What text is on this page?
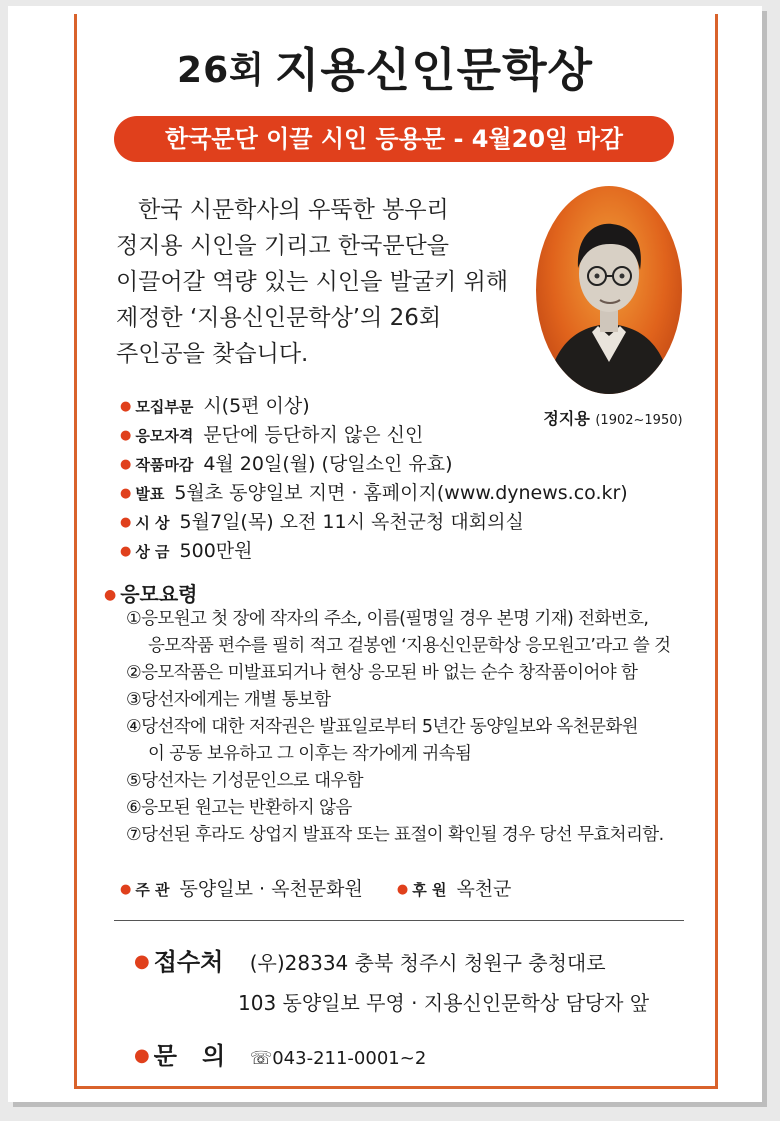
26회 지용신인문학상
한국문단 이끌 시인 등용문 - 4월20일 마감
한국 시문학사의 우뚝한 봉우리 정지용 시인을 기리고 한국문단을 이끌어갈 역량 있는 시인을 발굴키 위해 제정한 ‘지용신인문학상’의 26회 주인공을 찾습니다.
정지용 (1902~1950)
● 모집부문 시(5편 이상)
● 응모자격 문단에 등단하지 않은 신인
● 작품마감 4월 20일(월) (당일소인 유효)
● 발표 5월초 동양일보 지면 · 홈페이지(www.dynews.co.kr)
● 시 상 5월7일(목) 오전 11시 옥천군청 대회의실
● 상 금 500만원
● 응모요령
①응모원고 첫 장에 작자의 주소, 이름(필명일 경우 본명 기재) 전화번호,
응모작품 편수를 필히 적고 겉봉엔 ‘지용신인문학상 응모원고’라고 쓸 것
②응모작품은 미발표되거나 현상 응모된 바 없는 순수 창작품이어야 함
③당선자에게는 개별 통보함
④당선작에 대한 저작권은 발표일로부터 5년간 동양일보와 옥천문화원
이 공동 보유하고 그 이후는 작가에게 귀속됨
⑤당선자는 기성문인으로 대우함
⑥응모된 원고는 반환하지 않음
⑦당선된 후라도 상업지 발표작 또는 표절이 확인될 경우 당선 무효처리함.
● 주 관 동양일보 · 옥천문화원	● 후 원 옥천군
● 접수처 (우)28334 충북 청주시 청원구 충청대로
103 동양일보 무영 · 지용신인문학상 담당자 앞
● 문   의 ☏043-211-0001~2
